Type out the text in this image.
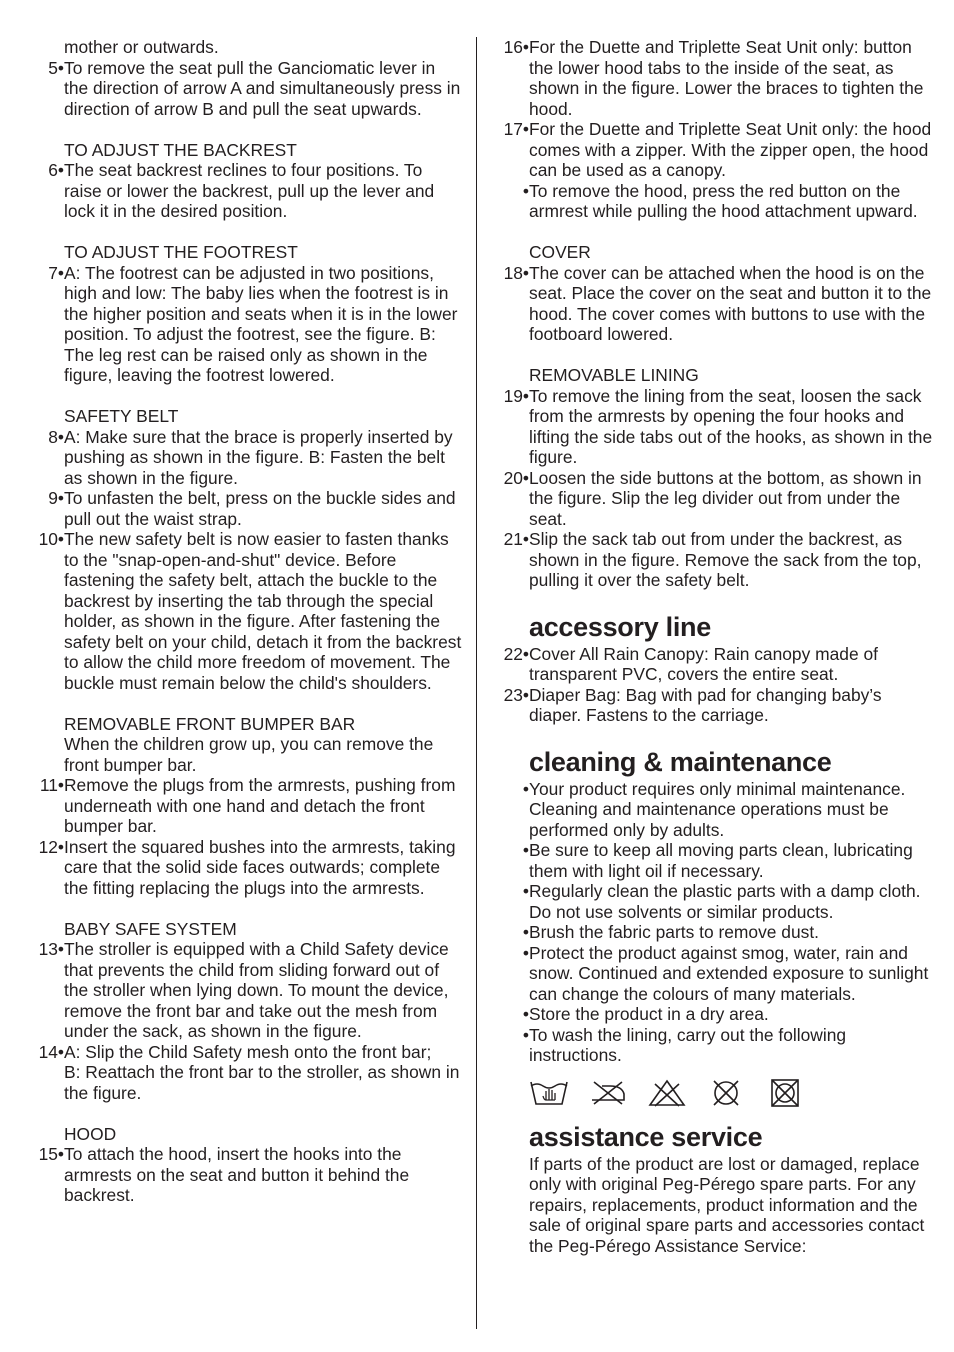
mother or outwards.
5• To remove the seat pull the Ganciomatic lever in the direction of arrow A and simultaneously press in direction of arrow B and pull the seat upwards.
TO ADJUST THE BACKREST
6• The seat backrest reclines to four positions. To raise or lower the backrest, pull up the lever and lock it in the desired position.
TO ADJUST THE FOOTREST
7• A: The footrest can be adjusted in two positions, high and low: The baby lies when the footrest is in the higher position and seats when it is in the lower position. To adjust the footrest, see the figure. B: The leg rest can be raised only as shown in the figure, leaving the footrest lowered.
SAFETY BELT
8• A: Make sure that the brace is properly inserted by pushing as shown in the figure. B: Fasten the belt as shown in the figure.
9• To unfasten the belt, press on the buckle sides and pull out the waist strap.
10• The new safety belt is now easier to fasten thanks to the "snap-open-and-shut" device. Before fastening the safety belt, attach the buckle to the backrest by inserting the tab through the special holder, as shown in the figure. After fastening the safety belt on your child, detach it from the backrest to allow the child more freedom of movement. The buckle must remain below the child's shoulders.
REMOVABLE FRONT BUMPER BAR
When the children grow up, you can remove the front bumper bar.
11• Remove the plugs from the armrests, pushing from underneath with one hand and detach the front bumper bar.
12• Insert the squared bushes into the armrests, taking care that the solid side faces outwards; complete the fitting replacing the plugs into the armrests.
BABY SAFE SYSTEM
13• The stroller is equipped with a Child Safety device that prevents the child from sliding forward out of the stroller when lying down. To mount the device, remove the front bar and take out the mesh from under the sack, as shown in the figure.
14• A: Slip the Child Safety mesh onto the front bar;
B: Reattach the front bar to the stroller, as shown in the figure.
HOOD
15• To attach the hood, insert the hooks into the armrests on the seat and button it behind the backrest.
16• For the Duette and Triplette Seat Unit only: button the lower hood tabs to the inside of the seat, as shown in the figure. Lower the braces to tighten the hood.
17• For the Duette and Triplette Seat Unit only: the hood comes with a zipper. With the zipper open, the hood can be used as a canopy.
• To remove the hood, press the red button on the armrest while pulling the hood attachment upward.
COVER
18• The cover can be attached when the hood is on the seat. Place the cover on the seat and button it to the hood. The cover comes with buttons to use with the footboard lowered.
REMOVABLE LINING
19• To remove the lining from the seat, loosen the sack from the armrests by opening the four hooks and lifting the side tabs out of the hooks, as shown in the figure.
20• Loosen the side buttons at the bottom, as shown in the figure. Slip the leg divider out from under the seat.
21• Slip the sack tab out from under the backrest, as shown in the figure. Remove the sack from the top, pulling it over the safety belt.
accessory line
22• Cover All Rain Canopy: Rain canopy made of transparent PVC, covers the entire seat.
23• Diaper Bag: Bag with pad for changing baby’s diaper. Fastens to the carriage.
cleaning & maintenance
• Your product requires only minimal maintenance. Cleaning and maintenance operations must be performed only by adults.
• Be sure to keep all moving parts clean, lubricating them with light oil if necessary.
• Regularly clean the plastic parts with a damp cloth. Do not use solvents or similar products.
• Brush the fabric parts to remove dust.
• Protect the product against smog, water, rain and snow. Continued and extended exposure to sunlight can change the colours of many materials.
• Store the product in a dry area.
• To wash the lining, carry out the following instructions.
assistance service
If parts of the product are lost or damaged, replace only with original Peg-Pérego spare parts. For any repairs, replacements, product information and the sale of original spare parts and accessories contact the Peg-Pérego Assistance Service:
